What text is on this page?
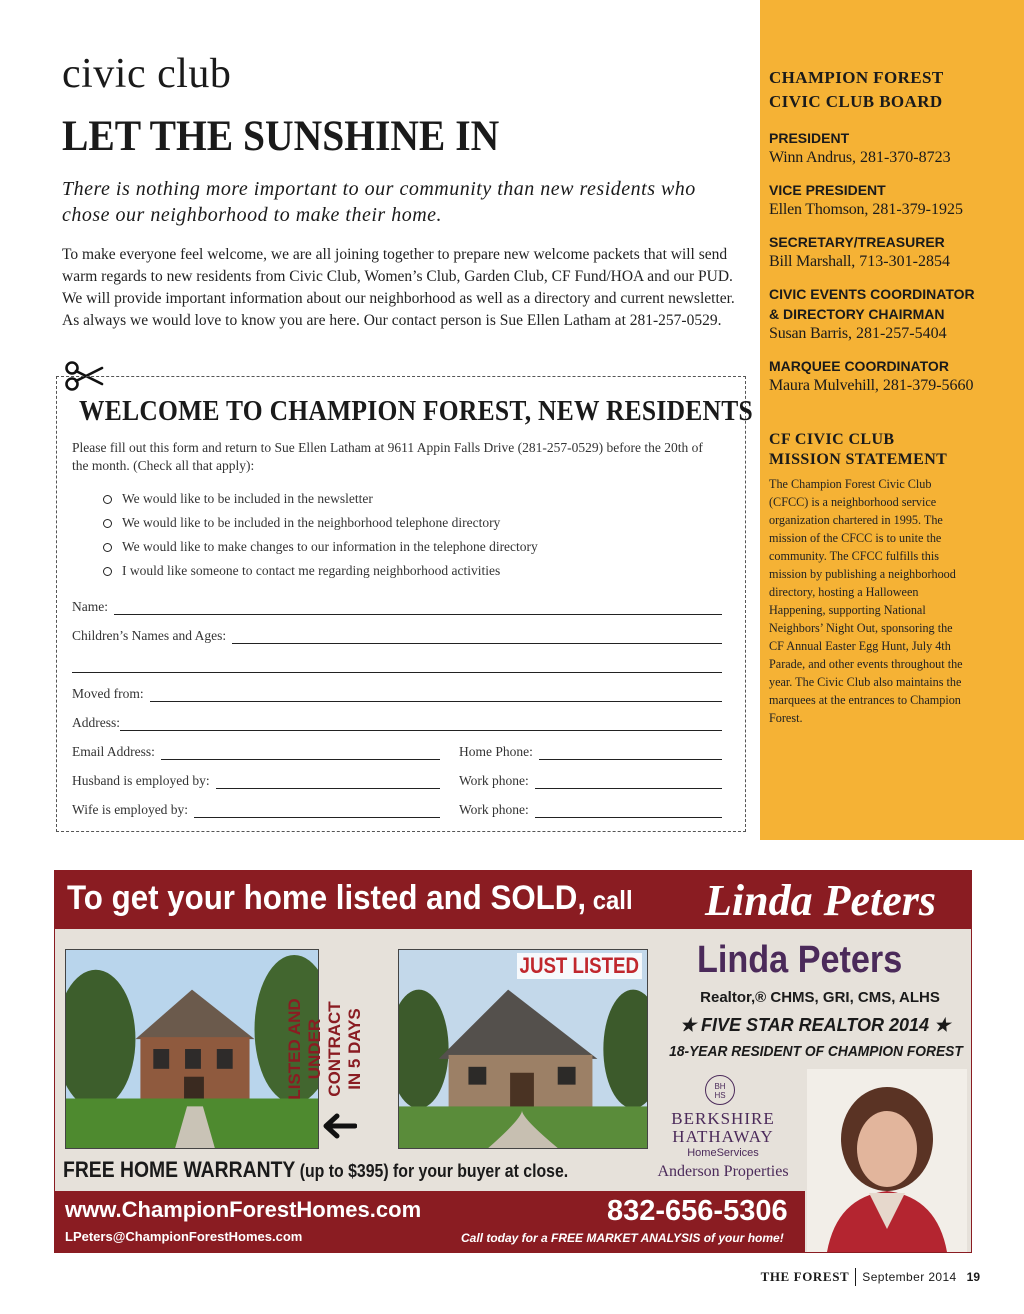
civic club
LET THE SUNSHINE IN
There is nothing more important to our community than new residents who chose our neighborhood to make their home.
To make everyone feel welcome, we are all joining together to prepare new welcome packets that will send warm regards to new residents from Civic Club, Women’s Club, Garden Club, CF Fund/HOA and our PUD. We will provide important information about our neighborhood as well as a directory and current newsletter. As always we would love to know you are here. Our contact person is Sue Ellen Latham at 281-257-0529.
WELCOME TO CHAMPION FOREST, NEW RESIDENTS
Please fill out this form and return to Sue Ellen Latham at 9611 Appin Falls Drive (281-257-0529) before the 20th of the month. (Check all that apply):
We would like to be included in the newsletter
We would like to be included in the neighborhood telephone directory
We would like to make changes to our information in the telephone directory
I would like someone to contact me regarding neighborhood activities
Name:
Children’s Names and Ages:
Moved from:
Address:
Email Address:	Home Phone:
Husband is employed by:	Work phone:
Wife is employed by:	Work phone:
CHAMPION FOREST
CIVIC CLUB BOARD
PRESIDENT
Winn Andrus, 281-370-8723
VICE PRESIDENT
Ellen Thomson, 281-379-1925
SECRETARY/TREASURER
Bill Marshall, 713-301-2854
CIVIC EVENTS COORDINATOR
& DIRECTORY CHAIRMAN
Susan Barris, 281-257-5404
MARQUEE COORDINATOR
Maura Mulvehill, 281-379-5660
CF CIVIC CLUB
MISSION STATEMENT
The Champion Forest Civic Club (CFCC) is a neighborhood service organization chartered in 1995. The mission of the CFCC is to unite the community. The CFCC fulfills this mission by publishing a neighborhood directory, hosting a Halloween Happening, supporting National Neighbors’ Night Out, sponsoring the CF Annual Easter Egg Hunt, July 4th Parade, and other events throughout the year. The Civic Club also maintains the marquees at the entrances to Champion Forest.
To get your home listed and SOLD, call Linda Peters
LISTED AND
UNDER CONTRACT
IN 5 DAYS
JUST LISTED Linda Peters
Realtor,® CHMS, GRI, CMS, ALHS
★ FIVE STAR REALTOR 2014 ★
18-YEAR RESIDENT OF CHAMPION FOREST
BH
HS
BERKSHIRE
HATHAWAY
HomeServices
Anderson Properties
FREE HOME WARRANTY (up to $395) for your buyer at close.
www.ChampionForestHomes.com
LPeters@ChampionForestHomes.com
832-656-5306
Call today for a FREE MARKET ANALYSIS of your home!
THE FOREST September 2014 19
